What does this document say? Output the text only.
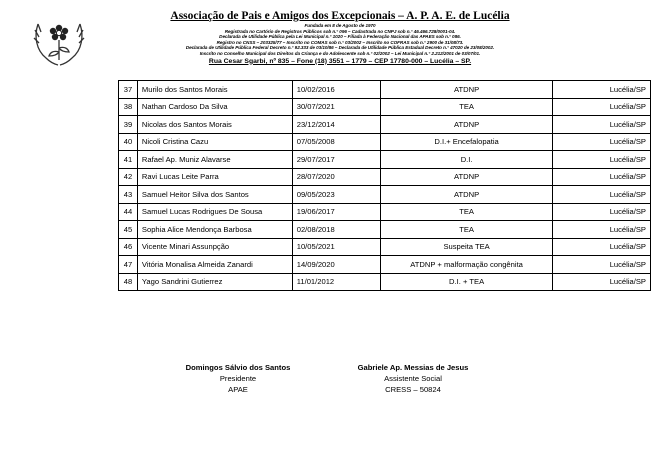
Associação de Pais e Amigos dos Excepcionais – A. P. A. E. de Lucélia
Fundada em 8 de Agosto de 1970
Registrada no Cartório de Registros Públicos sob n.° 096 – Cadastrada no CNPJ sob n.° 46.466.728/0001-04.
Declarada de Utilidade Pública pela Lei Municipal n.° 1020 – Filiada à Federação Nacional das APAES sob n.° 086.
Registro no CNSS – 203325/77 – Inscrito no COMAS sob n.° 03/2002 – Inscrito no COFRAS sob n.° 2900 de 31/08/73.
Declarada de Utilidade Pública Federal Decreto n.° 92.333 de 03/10/86 – Declarada de Utilidade Pública Estadual Decreto n.° 47020 de 23/08/2002.
Inscrito no Conselho Municipal dos Direitos da Criança e do Adolescente sob n.° 02/2002 – Lei Municipal n.° 2.212/2001 de 03/07/01.
Rua Cesar Sgarbi, nº 835 – Fone (18) 3551 – 1779 – CEP 17780-000 – Lucélia – SP.
37	Murilo dos Santos Morais	10/02/2016	ATDNP	Lucélia/SP
38	Nathan Cardoso Da Silva	30/07/2021	TEA	Lucélia/SP
39	Nicolas dos Santos Morais	23/12/2014	ATDNP	Lucélia/SP
40	Nicoli Cristina Cazu	07/05/2008	D.I.+ Encefalopatia	Lucélia/SP
41	Rafael Ap. Muniz Alavarse	29/07/2017	D.I.	Lucélia/SP
42	Ravi Lucas Leite Parra	28/07/2020	ATDNP	Lucélia/SP
43	Samuel Heitor Silva dos Santos	09/05/2023	ATDNP	Lucélia/SP
44	Samuel Lucas Rodrigues De Sousa	19/06/2017	TEA	Lucélia/SP
45	Sophia Alice Mendonça Barbosa	02/08/2018	TEA	Lucélia/SP
46	Vicente Minari Assunpção	10/05/2021	Suspeita TEA	Lucélia/SP
47	Vitória Monalisa Almeida Zanardi	14/09/2020	ATDNP + malformação congênita	Lucélia/SP
48	Yago Sandrini Gutierrez	11/01/2012	D.I. + TEA	Lucélia/SP
Domingos Sálvio dos Santos
Presidente
APAE
Gabriele Ap. Messias de Jesus
Assistente Social
CRESS – 50824
